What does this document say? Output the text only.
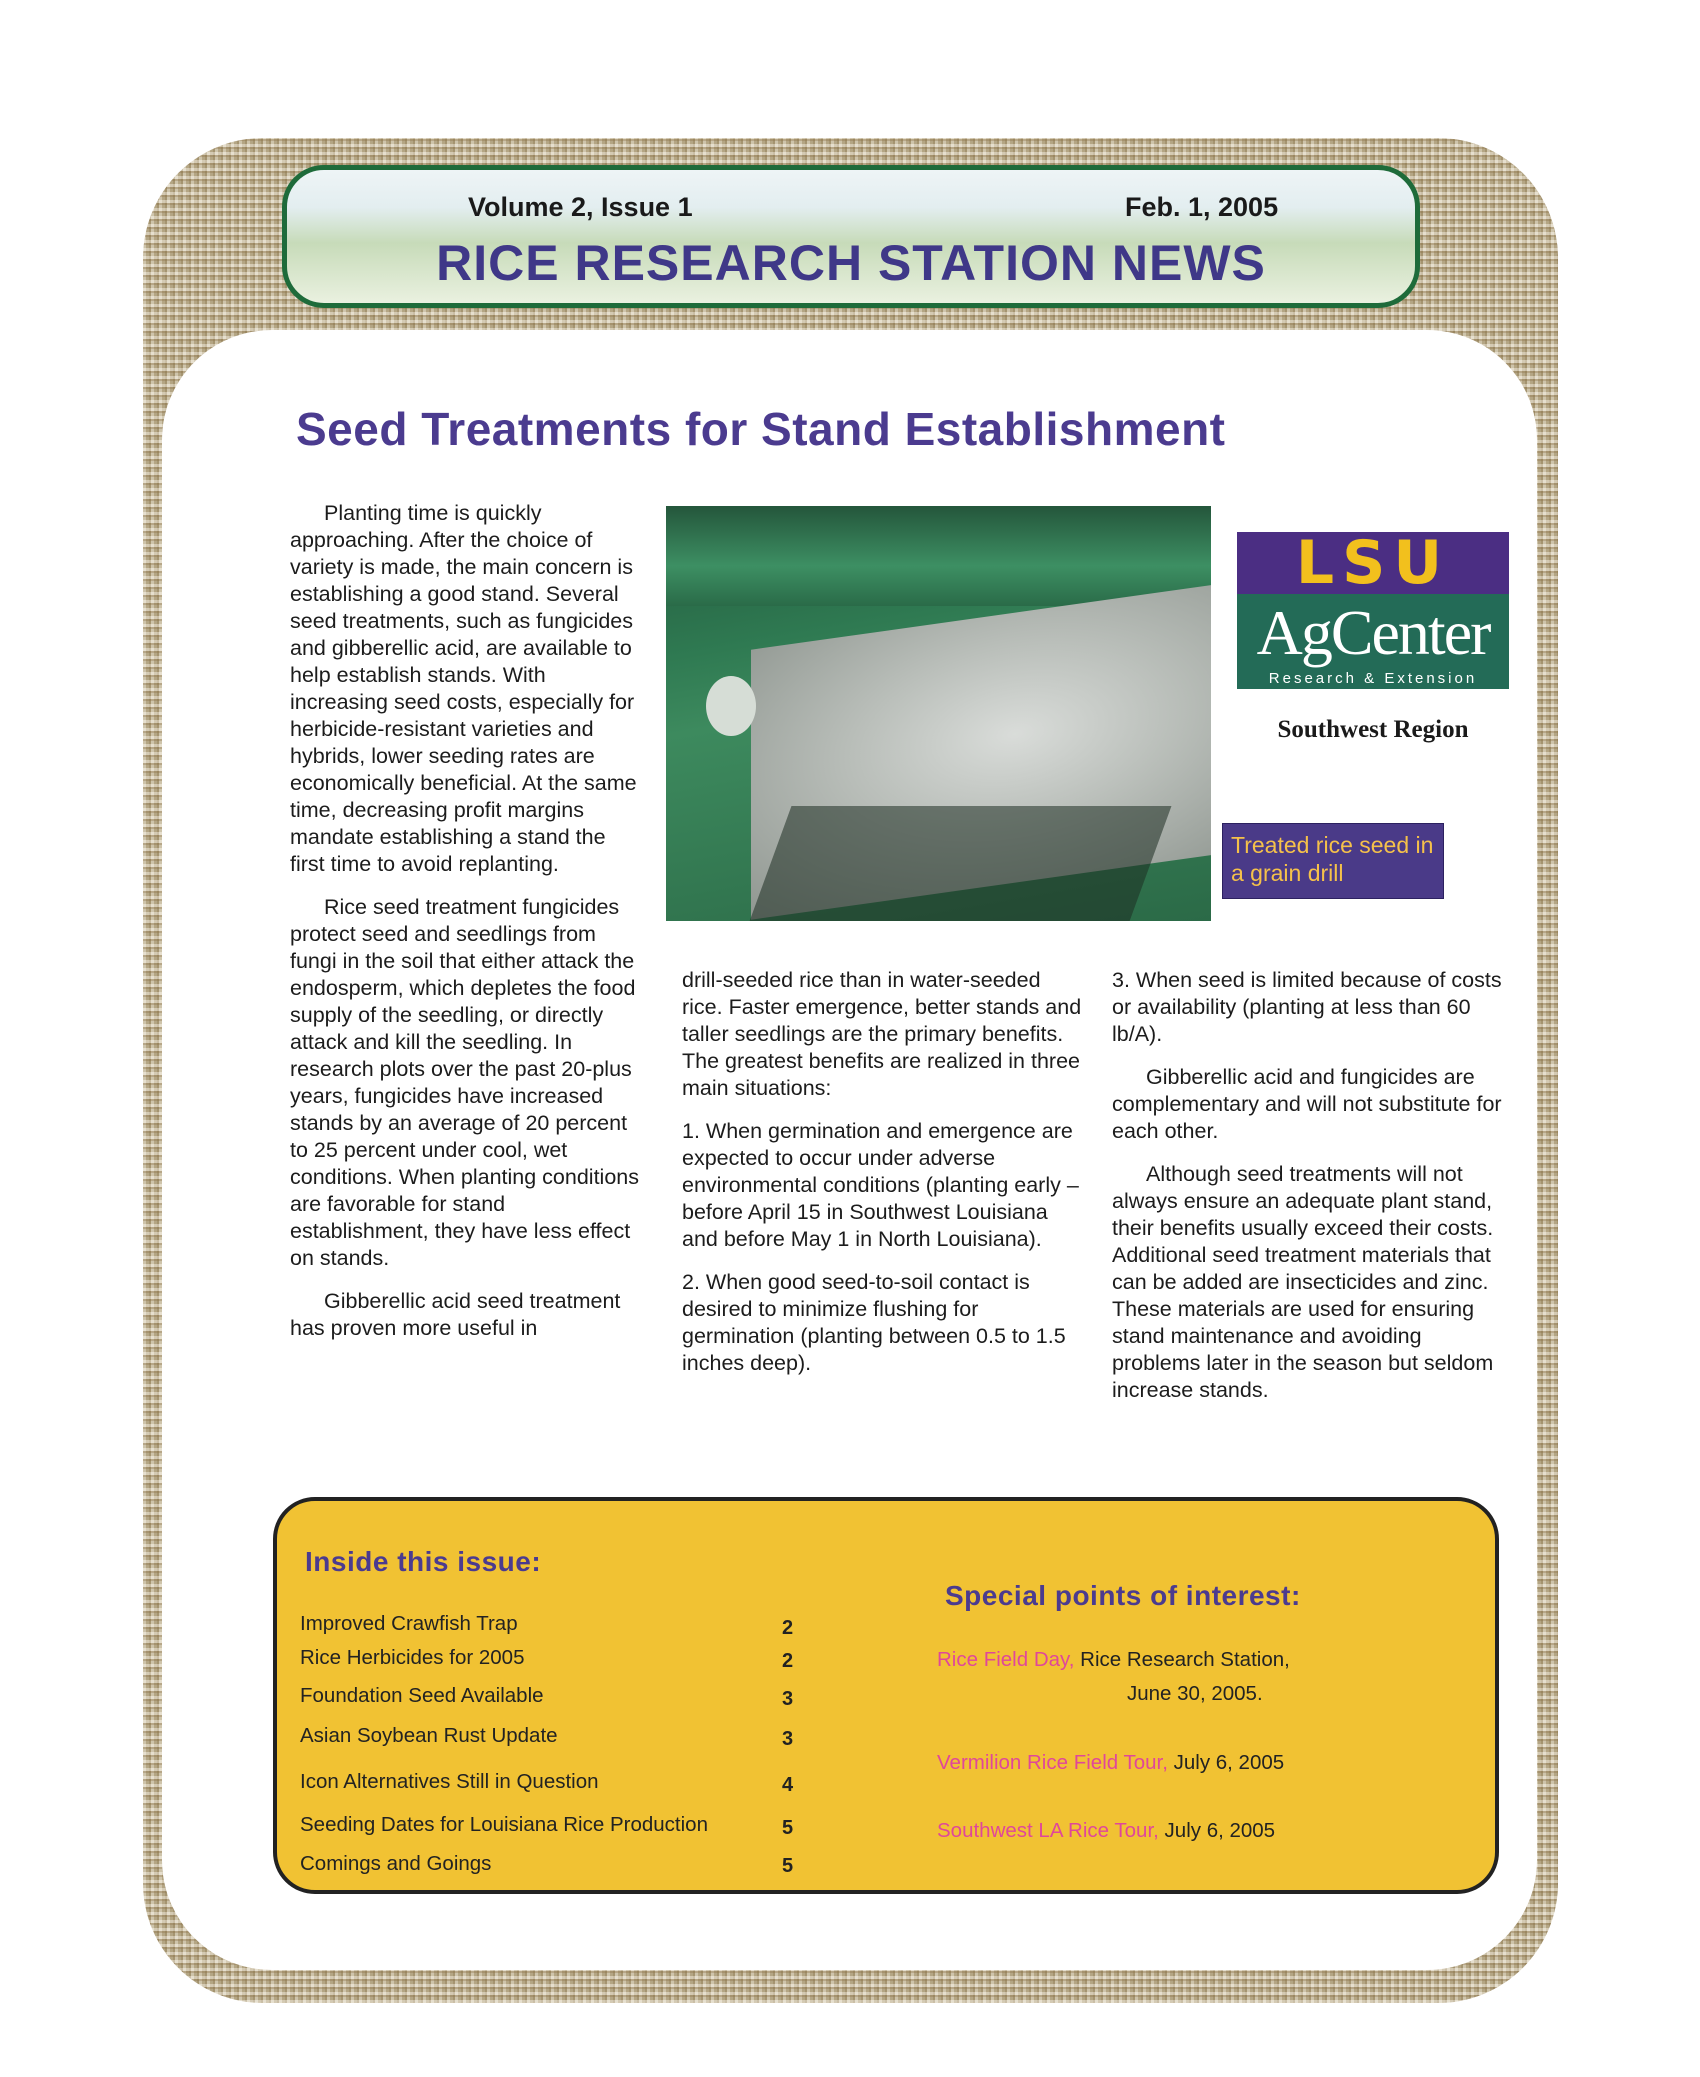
Volume 2, Issue 1	Feb. 1, 2005
RICE RESEARCH STATION NEWS
Seed Treatments for Stand Establishment

Planting time is quickly approaching. After the choice of variety is made, the main concern is establishing a good stand. Several seed treatments, such as fungicides and gibberellic acid, are available to help establish stands. With increasing seed costs, especially for herbicide-resistant varieties and hybrids, lower seeding rates are economically beneficial. At the same time, decreasing profit margins mandate establishing a stand the first time to avoid replanting.

Rice seed treatment fungicides protect seed and seedlings from fungi in the soil that either attack the endosperm, which depletes the food supply of the seedling, or directly attack and kill the seedling. In research plots over the past 20-plus years, fungicides have increased stands by an average of 20 percent to 25 percent under cool, wet conditions. When planting conditions are favorable for stand establishment, they have less effect on stands.

Gibberellic acid seed treatment has proven more useful in

LSU
AgCenter
Research & Extension
Southwest Region
Treated rice seed in a grain drill

drill-seeded rice than in water-seeded rice. Faster emergence, better stands and taller seedlings are the primary benefits. The greatest benefits are realized in three main situations:

1. When germination and emergence are expected to occur under adverse environmental conditions (planting early – before April 15 in Southwest Louisiana and before May 1 in North Louisiana).

2. When good seed-to-soil contact is desired to minimize flushing for germination (planting between 0.5 to 1.5 inches deep).

3. When seed is limited because of costs or availability (planting at less than 60 lb/A).

Gibberellic acid and fungicides are complementary and will not substitute for each other.

Although seed treatments will not always ensure an adequate plant stand, their benefits usually exceed their costs. Additional seed treatment materials that can be added are insecticides and zinc. These materials are used for ensuring stand maintenance and avoiding problems later in the season but seldom increase stands.

Inside this issue:
Improved Crawfish Trap	2
Rice Herbicides for 2005	2
Foundation Seed Available	3
Asian Soybean Rust Update	3
Icon Alternatives Still in Question	4
Seeding Dates for Louisiana Rice Production	5
Comings and Goings	5
Special points of interest:
Rice Field Day, Rice Research Station,
June 30, 2005.
Vermilion Rice Field Tour, July 6, 2005
Southwest LA Rice Tour, July 6, 2005
